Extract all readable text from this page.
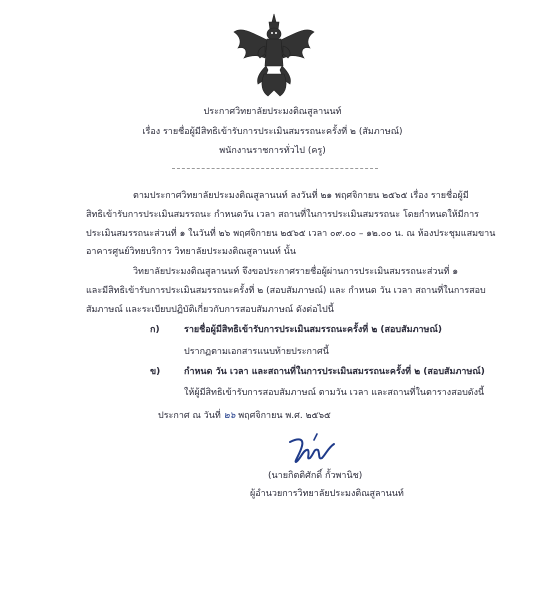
ประกาศวิทยาลัยประมงติณสูลานนท์
เรื่อง รายชื่อผู้มีสิทธิเข้ารับการประเมินสมรรถนะครั้งที่ ๒ (สัมภาษณ์)
พนักงานราชการทั่วไป (ครู)
ตามประกาศวิทยาลัยประมงติณสูลานนท์ ลงวันที่ ๒๑ พฤศจิกายน ๒๕๖๕ เรื่อง รายชื่อผู้มี
สิทธิเข้ารับการประเมินสมรรถนะ กำหนดวัน เวลา สถานที่ในการประเมินสมรรถนะ โดยกำหนดให้มีการ
ประเมินสมรรถนะส่วนที่ ๑ ในวันที่ ๒๖ พฤศจิกายน ๒๕๖๕ เวลา ๐๙.๐๐ – ๑๒.๐๐ น. ณ ห้องประชุมแสมขาน
อาคารศูนย์วิทยบริการ วิทยาลัยประมงติณสูลานนท์ นั้น
วิทยาลัยประมงติณสูลานนท์ จึงขอประกาศรายชื่อผู้ผ่านการประเมินสมรรถนะส่วนที่ ๑
และมีสิทธิเข้ารับการประเมินสมรรถนะครั้งที่ ๒ (สอบสัมภาษณ์) และ กำหนด วัน เวลา สถานที่ในการสอบ
สัมภาษณ์ และระเบียบปฏิบัติเกี่ยวกับการสอบสัมภาษณ์ ดังต่อไปนี้
ก)	รายชื่อผู้มีสิทธิเข้ารับการประเมินสมรรถนะครั้งที่ ๒ (สอบสัมภาษณ์)
ปรากฏตามเอกสารแนบท้ายประกาศนี้
ข)	กำหนด วัน เวลา และสถานที่ในการประเมินสมรรถนะครั้งที่ ๒ (สอบสัมภาษณ์)
ให้ผู้มีสิทธิเข้ารับการสอบสัมภาษณ์ ตามวัน เวลา และสถานที่ในตารางสอบดังนี้
ประกาศ ณ วันที่ ๒๖ พฤศจิกายน พ.ศ. ๒๕๖๕
(นายกิตติศักดิ์ กั้วพานิช)
ผู้อำนวยการวิทยาลัยประมงติณสูลานนท์
